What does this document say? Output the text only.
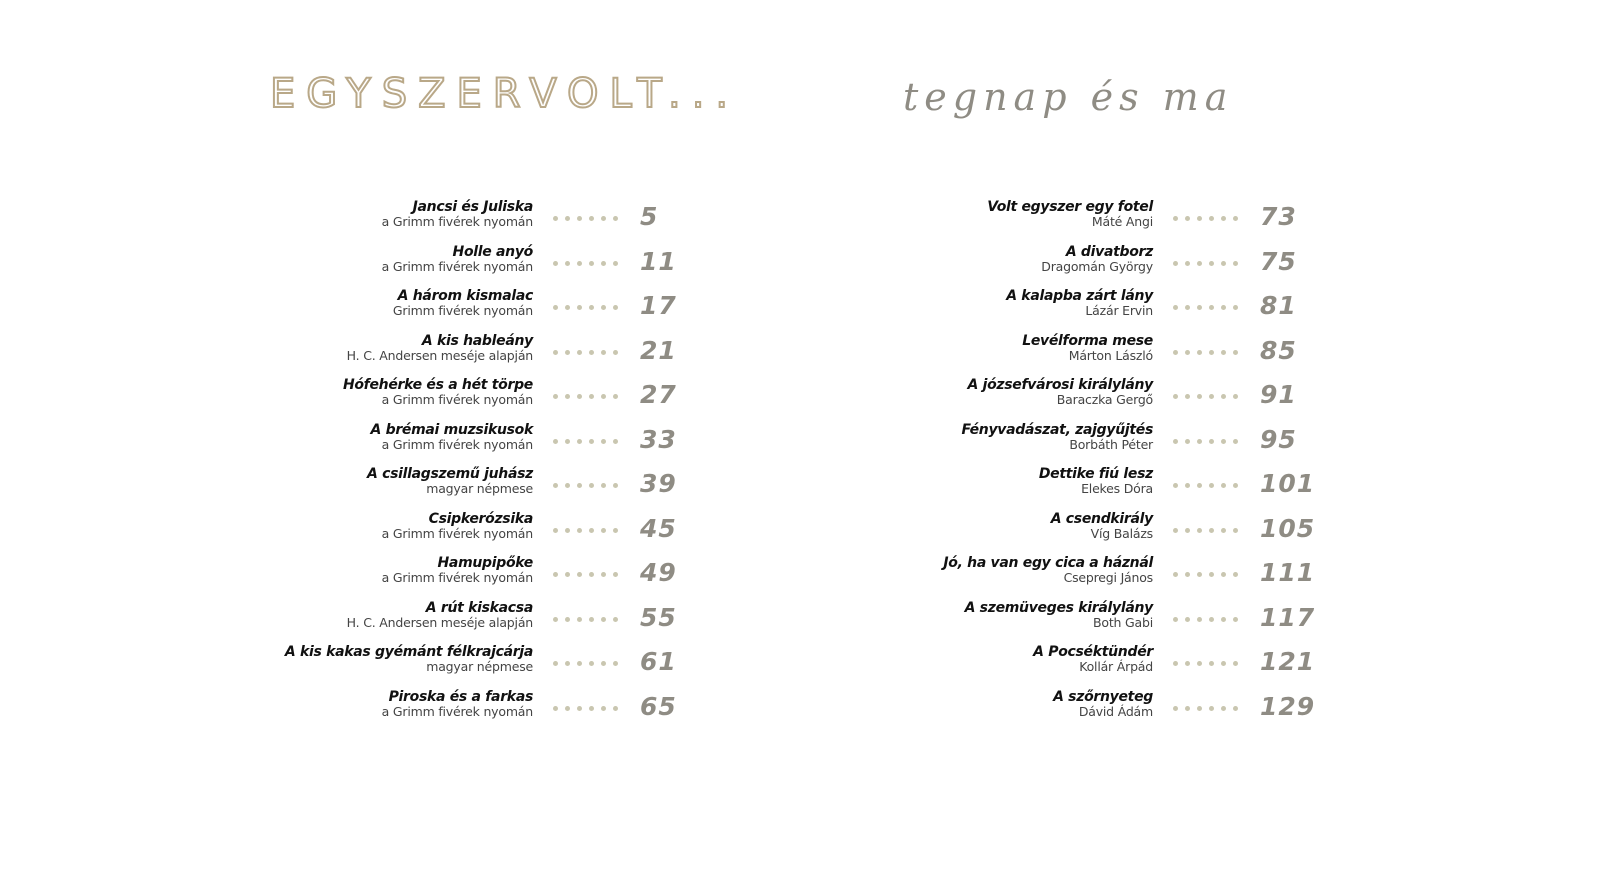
EGYSZERVOLT...	tegnap és ma
Jancsi és Juliska
a Grimm fivérek nyomán	5
Holle anyó
a Grimm fivérek nyomán	11
A három kismalac
Grimm fivérek nyomán	17
A kis hableány
H. C. Andersen meséje alapján	21
Hófehérke és a hét törpe
a Grimm fivérek nyomán	27
A brémai muzsikusok
a Grimm fivérek nyomán	33
A csillagszemű juhász
magyar népmese	39
Csipkerózsika
a Grimm fivérek nyomán	45
Hamupipőke
a Grimm fivérek nyomán	49
A rút kiskacsa
H. C. Andersen meséje alapján	55
A kis kakas gyémánt félkrajcárja
magyar népmese	61
Piroska és a farkas
a Grimm fivérek nyomán	65
Volt egyszer egy fotel
Máté Angi	73
A divatborz
Dragomán György	75
A kalapba zárt lány
Lázár Ervin	81
Levélforma mese
Márton László	85
A józsefvárosi királylány
Baraczka Gergő	91
Fényvadászat, zajgyűjtés
Borbáth Péter	95
Dettike fiú lesz
Elekes Dóra	101
A csendkirály
Víg Balázs	105
Jó, ha van egy cica a háznál
Csepregi János	111
A szemüveges királylány
Both Gabi	117
A Pocséktündér
Kollár Árpád	121
A szőrnyeteg
Dávid Ádám	129
